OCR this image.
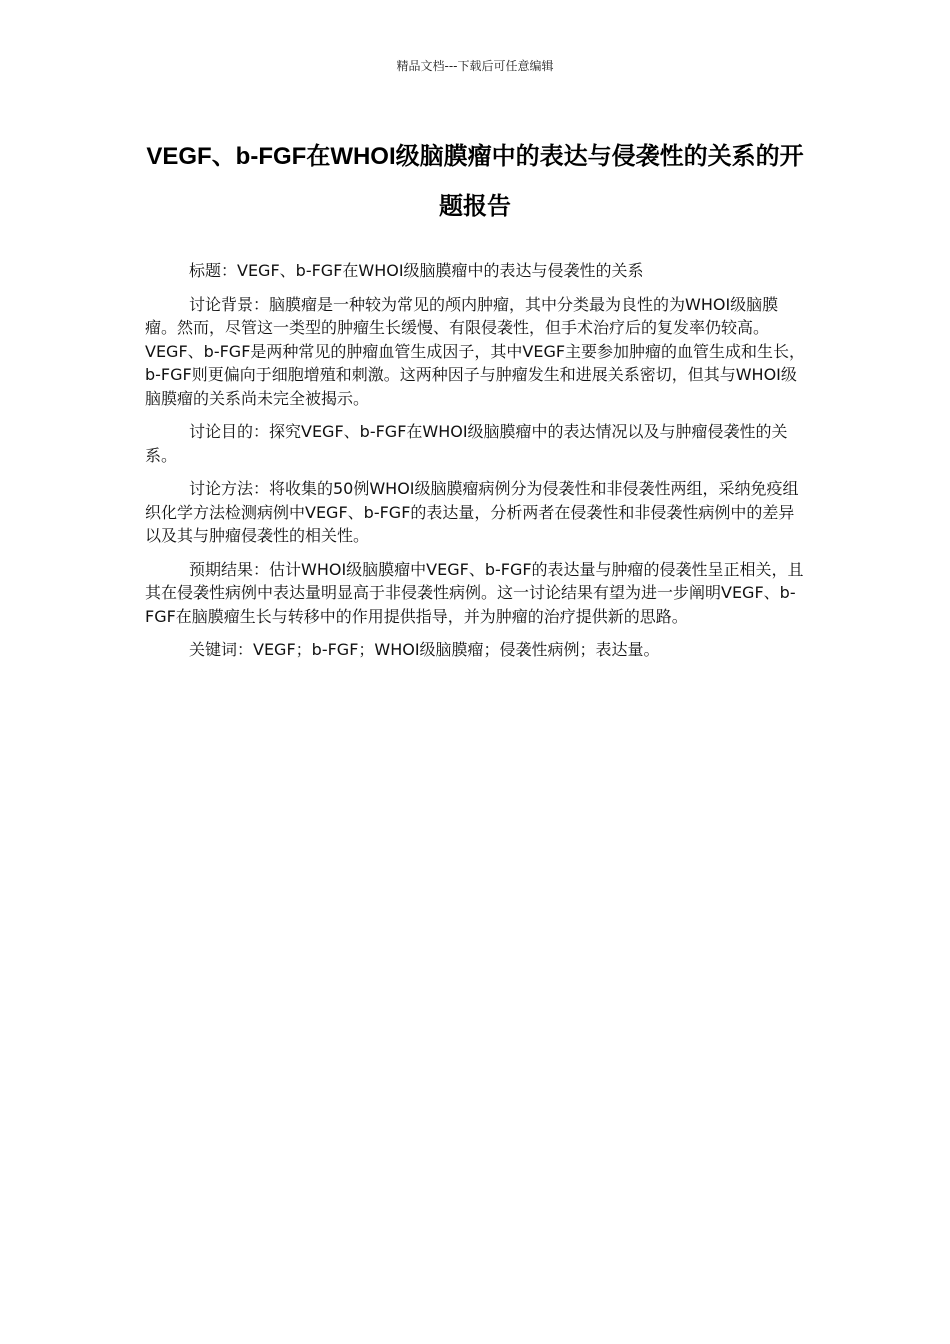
精品文档---下载后可任意编辑
VEGF、b-FGF在WHOI级脑膜瘤中的表达与侵袭性的关系的开题报告

标题：VEGF、b-FGF在WHOI级脑膜瘤中的表达与侵袭性的关系

讨论背景：脑膜瘤是一种较为常见的颅内肿瘤，其中分类最为良性的为WHOI级脑膜瘤。然而，尽管这一类型的肿瘤生长缓慢、有限侵袭性，但手术治疗后的复发率仍较高。VEGF、b-FGF是两种常见的肿瘤血管生成因子，其中VEGF主要参加肿瘤的血管生成和生长，b-FGF则更偏向于细胞增殖和刺激。这两种因子与肿瘤发生和进展关系密切，但其与WHOI级脑膜瘤的关系尚未完全被揭示。

讨论目的：探究VEGF、b-FGF在WHOI级脑膜瘤中的表达情况以及与肿瘤侵袭性的关系。

讨论方法：将收集的50例WHOI级脑膜瘤病例分为侵袭性和非侵袭性两组，采纳免疫组织化学方法检测病例中VEGF、b-FGF的表达量，分析两者在侵袭性和非侵袭性病例中的差异以及其与肿瘤侵袭性的相关性。

预期结果：估计WHOI级脑膜瘤中VEGF、b-FGF的表达量与肿瘤的侵袭性呈正相关，且其在侵袭性病例中表达量明显高于非侵袭性病例。这一讨论结果有望为进一步阐明VEGF、b-FGF在脑膜瘤生长与转移中的作用提供指导，并为肿瘤的治疗提供新的思路。

关键词：VEGF；b-FGF；WHOI级脑膜瘤；侵袭性病例；表达量。
